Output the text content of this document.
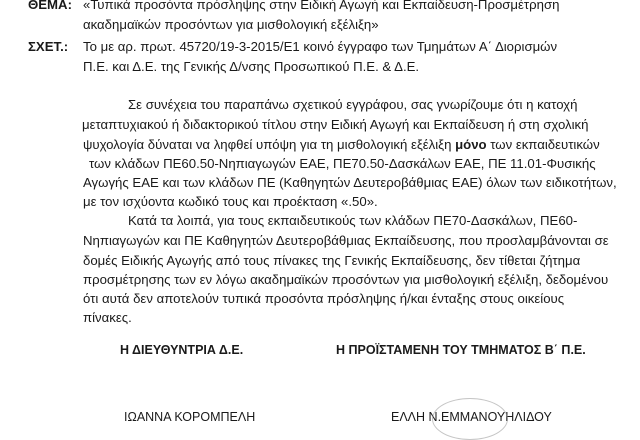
ΘΕΜΑ: «Τυπικά προσόντα πρόσληψης στην Ειδική Αγωγή και Εκπαίδευση-Προσμέτρηση
ακαδημαϊκών προσόντων για μισθολογική εξέλιξη»
ΣΧΕΤ.: Το με αρ. πρωτ. 45720/19-3-2015/Ε1 κοινό έγγραφο των Τμημάτων Α΄ Διορισμών
Π.Ε. και Δ.Ε. της Γενικής Δ/νσης Προσωπικού Π.Ε. & Δ.Ε.
Σε συνέχεια του παραπάνω σχετικού εγγράφου, σας γνωρίζουμε ότι η κατοχή
μεταπτυχιακού ή διδακτορικού τίτλου στην Ειδική Αγωγή και Εκπαίδευση ή στη σχολική
ψυχολογία δύναται να ληφθεί υπόψη για τη μισθολογική εξέλιξη μόνο των εκπαιδευτικών
των κλάδων ΠΕ60.50-Νηπιαγωγών ΕΑΕ, ΠΕ70.50-Δασκάλων ΕΑΕ, ΠΕ 11.01-Φυσικής
Αγωγής ΕΑΕ και των κλάδων ΠΕ (Καθηγητών Δευτεροβάθμιας ΕΑΕ) όλων των ειδικοτήτων,
με τον ισχύοντα κωδικό τους και προέκταση «.50».
Κατά τα λοιπά, για τους εκπαιδευτικούς των κλάδων ΠΕ70-Δασκάλων, ΠΕ60-
Νηπιαγωγών και ΠΕ Καθηγητών Δευτεροβάθμιας Εκπαίδευσης, που προσλαμβάνονται σε
δομές Ειδικής Αγωγής από τους πίνακες της Γενικής Εκπαίδευσης, δεν τίθεται ζήτημα
προσμέτρησης των εν λόγω ακαδημαϊκών προσόντων για μισθολογική εξέλιξη, δεδομένου
ότι αυτά δεν αποτελούν τυπικά προσόντα πρόσληψης ή/και ένταξης στους οικείους
πίνακες.
Η ΔΙΕΥΘΥΝΤΡΙΑ Δ.Ε.	Η ΠΡΟΪΣΤΑΜΕΝΗ ΤΟΥ ΤΜΗΜΑΤΟΣ Β΄ Π.Ε.
ΙΩΑΝΝΑ ΚΟΡΟΜΠΕΛΗ	ΕΛΛΗ Ν.ΕΜΜΑΝΟΥΗΛΙΔΟΥ
